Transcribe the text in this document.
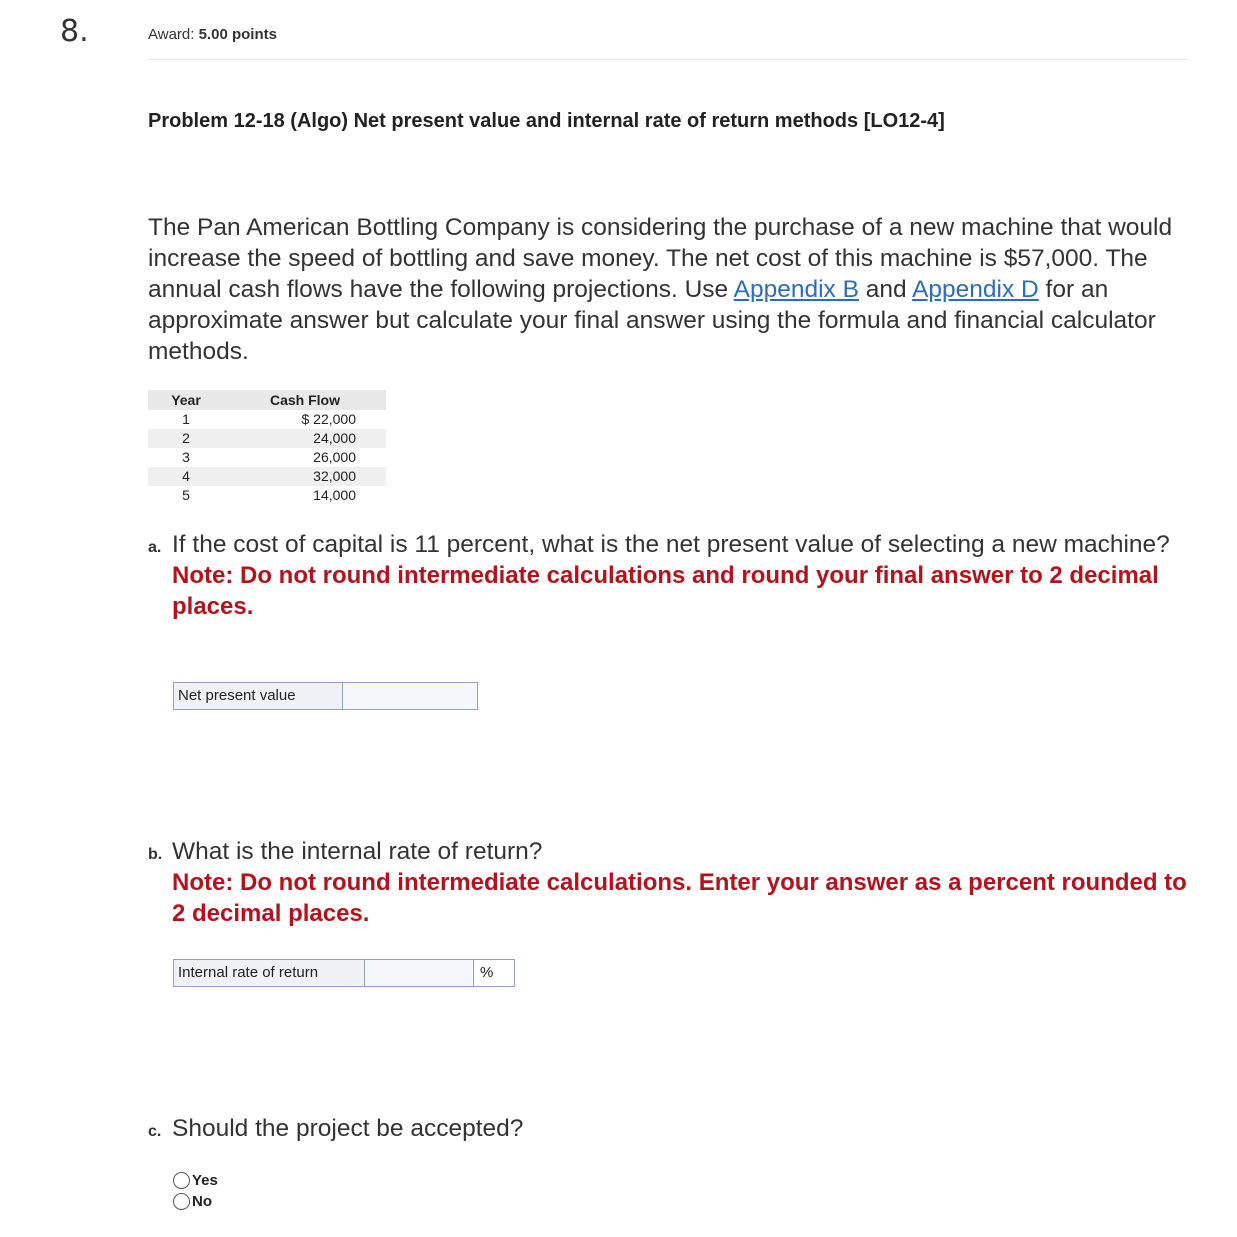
8.	Award: 5.00 points
Problem 12-18 (Algo) Net present value and internal rate of return methods [LO12-4]
The Pan American Bottling Company is considering the purchase of a new machine that would increase the speed of bottling and save money. The net cost of this machine is $57,000. The annual cash flows have the following projections. Use Appendix B and Appendix D for an approximate answer but calculate your final answer using the formula and financial calculator methods.
Year	Cash Flow
1	$ 22,000
2	24,000
3	26,000
4	32,000
5	14,000
a. If the cost of capital is 11 percent, what is the net present value of selecting a new machine?
Note: Do not round intermediate calculations and round your final answer to 2 decimal places.
Net present value
b. What is the internal rate of return?
Note: Do not round intermediate calculations. Enter your answer as a percent rounded to 2 decimal places.
Internal rate of return	%
c. Should the project be accepted?
Yes
No
